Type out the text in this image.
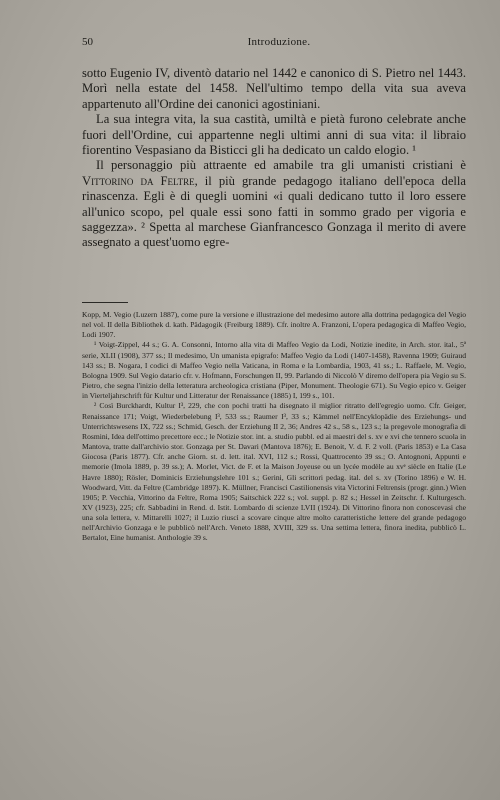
50	Introduzione.

sotto Eugenio IV, diventò datario nel 1442 e canonico di S. Pietro nel 1443. Morì nella estate del 1458. Nell'ultimo tempo della vita sua aveva appartenuto all'Ordine dei canonici agostiniani.

La sua integra vita, la sua castità, umiltà e pietà furono celebrate anche fuori dell'Ordine, cui appartenne negli ultimi anni di sua vita: il libraio fiorentino Vespasiano da Bisticci gli ha dedicato un caldo elogio. ¹

Il personaggio più attraente ed amabile tra gli umanisti cristiani è Vittorino da Feltre, il più grande pedagogo italiano dell'epoca della rinascenza. Egli è di quegli uomini «i quali dedicano tutto il loro essere all'unico scopo, pel quale essi sono fatti in sommo grado per vigoria e saggezza». ² Spetta al marchese Gianfrancesco Gonzaga il merito di avere assegnato a quest'uomo egre-

Kopp, M. Vegio (Luzern 1887), come pure la versione e illustrazione del medesimo autore alla dottrina pedagogica del Vegio nel vol. II della Bibliothek d. kath. Pädagogik (Freiburg 1889). Cfr. inoltre A. Franzoni, L'opera pedagogica di Maffeo Vegio, Lodi 1907.

¹ Voigt-Zippel, 44 s.; G. A. Consonni, Intorno alla vita di Maffeo Vegio da Lodi, Notizie inedite, in Arch. stor. ital., 5ª serie, XLII (1908), 377 ss.; Il medesimo, Un umanista epigrafo: Maffeo Vegio da Lodi (1407-1458), Ravenna 1909; Guiraud 143 ss.; B. Nogara, I codici di Maffeo Vegio nella Vaticana, in Roma e la Lombardia, 1903, 41 ss.; L. Raffaele, M. Vegio, Bologna 1909. Sul Vegio datario cfr. v. Hofmann, Forschungen II, 99. Parlando di Niccolò V diremo dell'opera pia Vegio su S. Pietro, che segna l'inizio della letteratura archeologica cristiana (Piper, Monument. Theologie 671). Su Vegio epico v. Geiger in Vierteljahrschrift für Kultur und Litteratur der Renaissance (1885) I, 199 s., 101.

² Così Burckhardt, Kultur I³, 229, che con pochi tratti ha disegnato il miglior ritratto dell'egregio uomo. Cfr. Geiger, Renaissance 171; Voigt, Wiederbelebung I³, 533 ss.; Raumer I³, 33 s.; Kämmel nell'Encyklopädie des Erziehungs- und Unterrichtswesens IX, 722 ss.; Schmid, Gesch. der Erziehung II 2, 36; Andres 42 s., 58 s., 123 s.; la pregevole monografia di Rosmini, Idea dell'ottimo precettore ecc.; le Notizie stor. int. a. studio pubbl. ed ai maestri del s. xv e xvi che tennero scuola in Mantova, tratte dall'archivio stor. Gonzaga per St. Davari (Mantova 1876); E. Benoit, V. d. F. 2 voll. (Paris 1853) e La Casa Giocosa (Paris 1877). Cfr. anche Giorn. st. d. lett. ital. XVI, 112 s.; Rossi, Quattrocento 39 ss.; O. Antognoni, Appunti e memorie (Imola 1889, p. 39 ss.); A. Morlet, Vict. de F. et la Maison Joyeuse ou un lycée modèle au xvᵉ siècle en Italie (Le Havre 1880); Rösler, Dominicis Erziehungslehre 101 s.; Gerini, Gli scrittori pedag. ital. del s. xv (Torino 1896) e W. H. Woodward, Vitt. da Feltre (Cambridge 1897). K. Müllner, Francisci Castilionensis vita Victorini Feltrensis (progr. ginn.) Wien 1905; P. Vecchia, Vittorino da Feltre, Roma 1905; Saitschick 222 s.; vol. suppl. p. 82 s.; Hessel in Zeitschr. f. Kulturgesch. XV (1923), 225; cfr. Sabbadini in Rend. d. Istit. Lombardo di scienze LVII (1924). Di Vittorino finora non conoscevasi che una sola lettera, v. Mittarelli 1027; il Luzio riuscì a scovare cinque altre molto caratteristiche lettere del grande pedagogo nell'Archivio Gonzaga e le pubblicò nell'Arch. Veneto 1888, XVIII, 329 ss. Una settima lettera, finora inedita, pubblicò L. Bertalot, Eine humanist. Anthologie 39 s.
